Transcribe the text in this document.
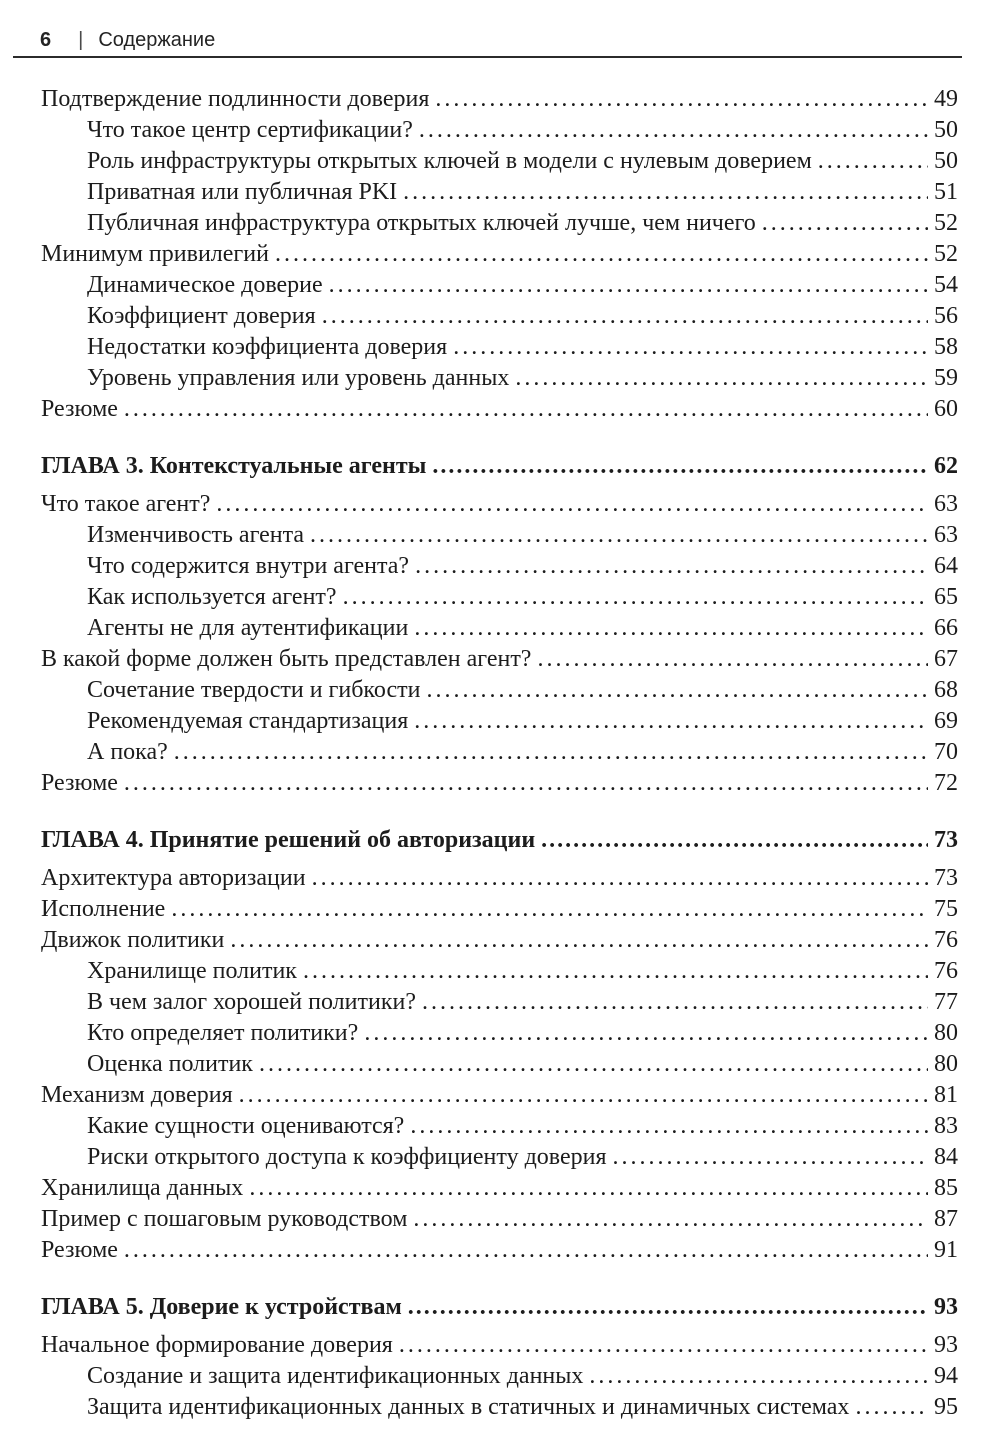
6 | Содержание
Подтверждение подлинности доверия .....	49
Что такое центр сертификации? .....	50
Роль инфраструктуры открытых ключей в модели с нулевым доверием .....	50
Приватная или публичная PKI .....	51
Публичная инфраструктура открытых ключей лучше, чем ничего .....	52
Минимум привилегий .....	52
Динамическое доверие .....	54
Коэффициент доверия .....	56
Недостатки коэффициента доверия .....	58
Уровень управления или уровень данных .....	59
Резюме .....	60
ГЛАВА 3. Контекстуальные агенты .....	62
Что такое агент? .....	63
Изменчивость агента .....	63
Что содержится внутри агента? .....	64
Как используется агент? .....	65
Агенты не для аутентификации .....	66
В какой форме должен быть представлен агент? .....	67
Сочетание твердости и гибкости .....	68
Рекомендуемая стандартизация .....	69
А пока? .....	70
Резюме .....	72
ГЛАВА 4. Принятие решений об авторизации .....	73
Архитектура авторизации .....	73
Исполнение .....	75
Движок политики .....	76
Хранилище политик .....	76
В чем залог хорошей политики? .....	77
Кто определяет политики? .....	80
Оценка политик .....	80
Механизм доверия .....	81
Какие сущности оцениваются? .....	83
Риски открытого доступа к коэффициенту доверия .....	84
Хранилища данных .....	85
Пример с пошаговым руководством .....	87
Резюме .....	91
ГЛАВА 5. Доверие к устройствам .....	93
Начальное формирование доверия .....	93
Создание и защита идентификационных данных .....	94
Защита идентификационных данных в статичных и динамичных системах .....	95
